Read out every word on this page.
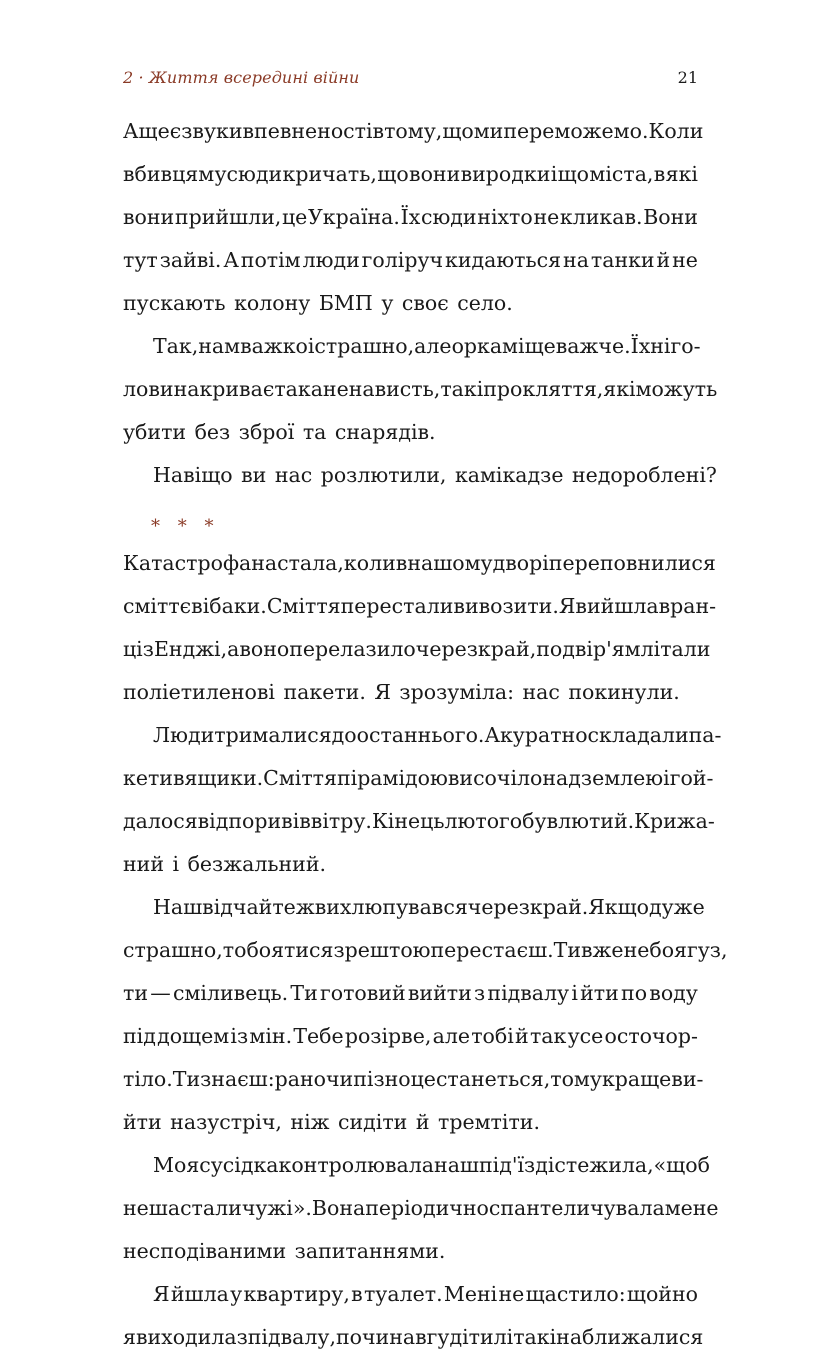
2 · Життя всередині війни	21
А ще є звуки впевненості в тому, що ми переможемо. Коли
вбивцям усюди кричать, що вони виродки і що міста, в які
вони прийшли, це Україна. Їх сюди ніхто не кликав. Вони
тут зайві. А потім люди голіруч кидаються на танки й не
пускають колону БМП у своє село.
Так, нам важко і страшно, але оркам іще важче. Їхні го-
лови накриває така ненависть, такі прокляття, які можуть
убити без зброї та снарядів.
Навіщо ви нас розлютили, камікадзе недороблені?
* * *
Катастрофа настала, коли в нашому дворі переповнилися
сміттєві баки. Сміття перестали вивозити. Я вийшла вран-
ці з Енджі, а воно перелазило через край, подвір'ям літали
поліетиленові пакети. Я зрозуміла: нас покинули.
Люди трималися до останнього. Акуратно складали па-
кети в ящики. Сміття пірамідою височіло над землею і гой-
далося від поривів вітру. Кінець лютого був лютий. Крижа-
ний і безжальний.
Наш відчай теж вихлюпувався через край. Якщо дуже
страшно, то боятися зрештою перестаєш. Ти вже не боягуз,
ти — сміливець. Ти готовий вийти з підвалу і йти по воду
під дощем із мін. Тебе розірве, але тобі й так усе осточор-
тіло. Ти знаєш: рано чи пізно це станеться, тому краще ви-
йти назустріч, ніж сидіти й тремтіти.
Моя сусідка контролювала наш під'їзд і стежила, «щоб
не шастали чужі». Вона періодично спантеличувала мене
несподіваними запитаннями.
Я йшла у квартиру, в туалет. Мені не щастило: щойно
я виходила з підвалу, починав гудіти літак і наближалися
